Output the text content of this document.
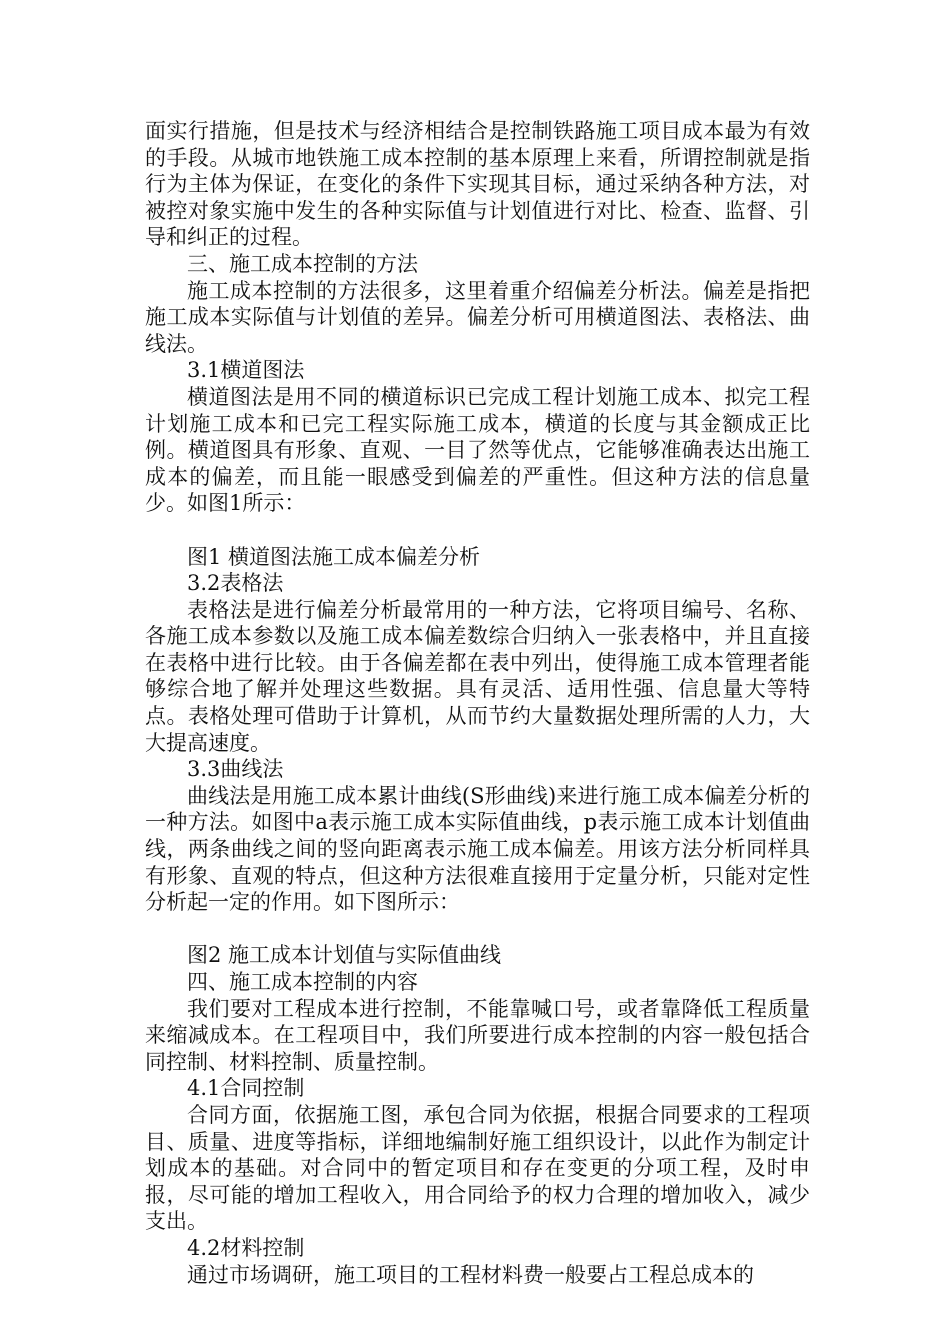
面实行措施，但是技术与经济相结合是控制铁路施工项目成本最为有效的手段。从城市地铁施工成本控制的基本原理上来看，所谓控制就是指行为主体为保证，在变化的条件下实现其目标，通过采纳各种方法，对被控对象实施中发生的各种实际值与计划值进行对比、检查、监督、引导和纠正的过程。

三、施工成本控制的方法

施工成本控制的方法很多，这里着重介绍偏差分析法。偏差是指把施工成本实际值与计划值的差异。偏差分析可用横道图法、表格法、曲线法。

3.1横道图法

横道图法是用不同的横道标识已完成工程计划施工成本、拟完工程计划施工成本和已完工程实际施工成本，横道的长度与其金额成正比例。横道图具有形象、直观、一目了然等优点，它能够准确表达出施工成本的偏差，而且能一眼感受到偏差的严重性。但这种方法的信息量少。如图1所示：

图1 横道图法施工成本偏差分析

3.2表格法

表格法是进行偏差分析最常用的一种方法，它将项目编号、名称、各施工成本参数以及施工成本偏差数综合归纳入一张表格中，并且直接在表格中进行比较。由于各偏差都在表中列出，使得施工成本管理者能够综合地了解并处理这些数据。具有灵活、适用性强、信息量大等特点。表格处理可借助于计算机，从而节约大量数据处理所需的人力，大大提高速度。

3.3曲线法

曲线法是用施工成本累计曲线(S形曲线)来进行施工成本偏差分析的一种方法。如图中a表示施工成本实际值曲线，p表示施工成本计划值曲线，两条曲线之间的竖向距离表示施工成本偏差。用该方法分析同样具有形象、直观的特点，但这种方法很难直接用于定量分析，只能对定性分析起一定的作用。如下图所示：

图2 施工成本计划值与实际值曲线

四、施工成本控制的内容

我们要对工程成本进行控制，不能靠喊口号，或者靠降低工程质量来缩减成本。在工程项目中，我们所要进行成本控制的内容一般包括合同控制、材料控制、质量控制。

4.1合同控制

合同方面，依据施工图，承包合同为依据，根据合同要求的工程项目、质量、进度等指标，详细地编制好施工组织设计，以此作为制定计划成本的基础。对合同中的暂定项目和存在变更的分项工程，及时申报，尽可能的增加工程收入，用合同给予的权力合理的增加收入，减少支出。

4.2材料控制

通过市场调研，施工项目的工程材料费一般要占工程总成本的
